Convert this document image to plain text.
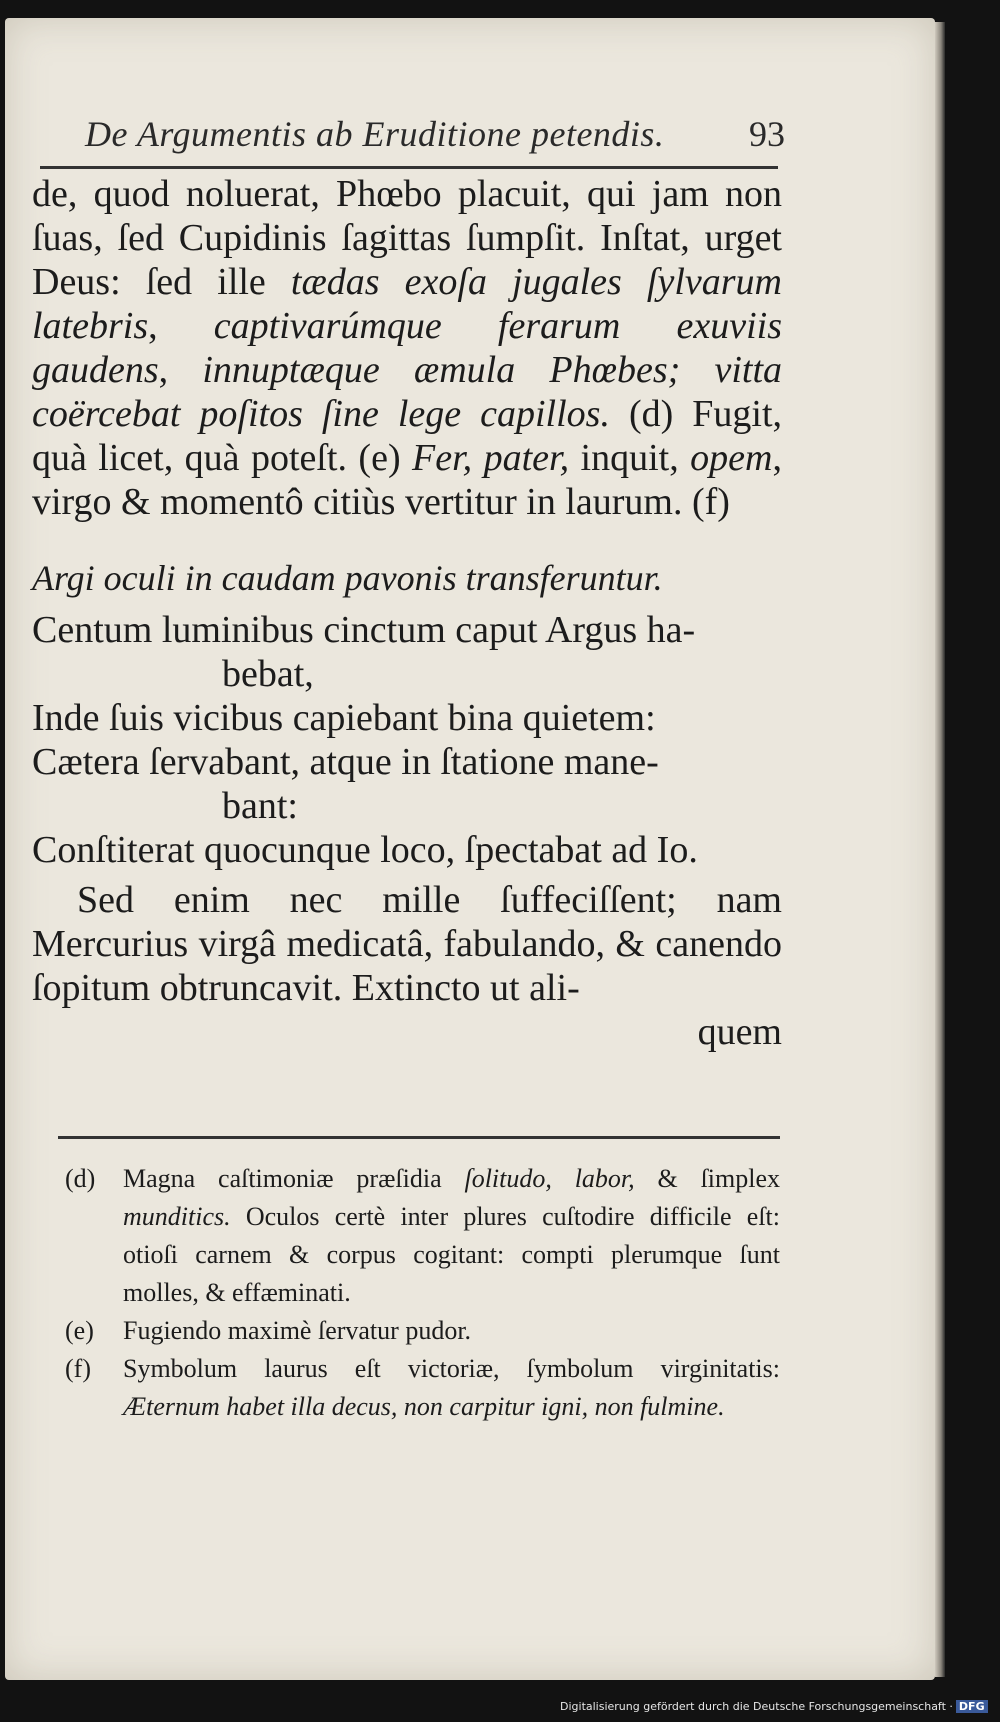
De Argumentis ab Eruditione petendis. 93

de, quod noluerat, Phœbo placuit, qui jam non ſuas, ſed Cupidinis ſagittas ſumpſit. Inſtat, urget Deus: ſed ille tædas exoſa jugales ſylvarum latebris, captivarúmque ferarum exuviis gaudens, innuptæque æmula Phœbes; vitta coërcebat poſitos ſine lege capillos. (d) Fugit, quà licet, quà poteſt. (e) Fer, pater, inquit, opem, virgo & momentô citiùs vertitur in laurum. (f)

Argi oculi in caudam pavonis transferuntur.

Centum luminibus cinctum caput Argus ha-
bebat,
Inde ſuis vicibus capiebant bina quietem:
Cætera ſervabant, atque in ſtatione mane-
bant:
Conſtiterat quocunque loco, ſpectabat ad Io.

Sed enim nec mille ſuffeciſſent; nam Mercurius virgâ medicatâ, fabulando, & canendo ſopitum obtruncavit. Extincto ut ali-

quem

(d)	Magna caſtimoniæ præſidia ſolitudo, labor, & ſimplex munditics. Oculos certè inter plures cuſtodire difficile eſt: otioſi carnem & corpus cogitant: compti plerumque ſunt molles, & effæminati.

(e)	Fugiendo maximè ſervatur pudor.

(f)	Symbolum laurus eſt victoriæ, ſymbolum virginitatis: Æternum habet illa decus, non carpitur igni, non fulmine.

Digitalisierung gefördert durch die Deutsche Forschungsgemeinschaft · DFG
